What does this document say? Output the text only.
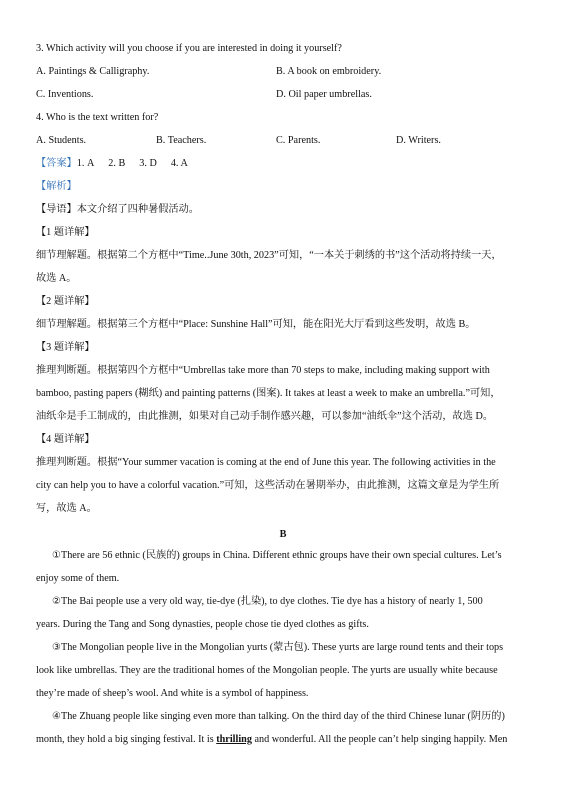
3. Which activity will you choose if you are interested in doing it yourself?
A. Paintings & Calligraphy.	B. A book on embroidery.
C. Inventions.	D. Oil paper umbrellas.
4. Who is the text written for?
A. Students.	B. Teachers.	C. Parents.	D. Writers.
【答案】1. A 2. B 3. D 4. A
【解析】
【导语】本文介绍了四种暑假活动。
【1 题详解】
细节理解题。根据第二个方框中“Time..June 30th, 2023”可知，“一本关于刺绣的书”这个活动将持续一天，
故选 A。
【2 题详解】
细节理解题。根据第三个方框中“Place: Sunshine Hall”可知，能在阳光大厅看到这些发明，故选 B。
【3 题详解】
推理判断题。根据第四个方框中“Umbrellas take more than 70 steps to make, including making support with
bamboo, pasting papers (糊纸) and painting patterns (图案). It takes at least a week to make an umbrella.”可知，
油纸伞是手工制成的，由此推测，如果对自己动手制作感兴趣，可以参加“油纸伞”这个活动，故选 D。
【4 题详解】
推理判断题。根据“Your summer vacation is coming at the end of June this year. The following activities in the
city can help you to have a colorful vacation.”可知，这些活动在暑期举办，由此推测，这篇文章是为学生所
写，故选 A。
B
①There are 56 ethnic (民族的) groups in China. Different ethnic groups have their own special cultures. Let’s
enjoy some of them.
②The Bai people use a very old way, tie-dye (扎染), to dye clothes. Tie dye has a history of nearly 1, 500
years. During the Tang and Song dynasties, people chose tie dyed clothes as gifts.
③The Mongolian people live in the Mongolian yurts (蒙古包). These yurts are large round tents and their tops
look like umbrellas. They are the traditional homes of the Mongolian people. The yurts are usually white because
they’re made of sheep’s wool. And white is a symbol of happiness.
④The Zhuang people like singing even more than talking. On the third day of the third Chinese lunar (阴历的)
month, they hold a big singing festival. It is thrilling and wonderful. All the people can’t help singing happily. Men
